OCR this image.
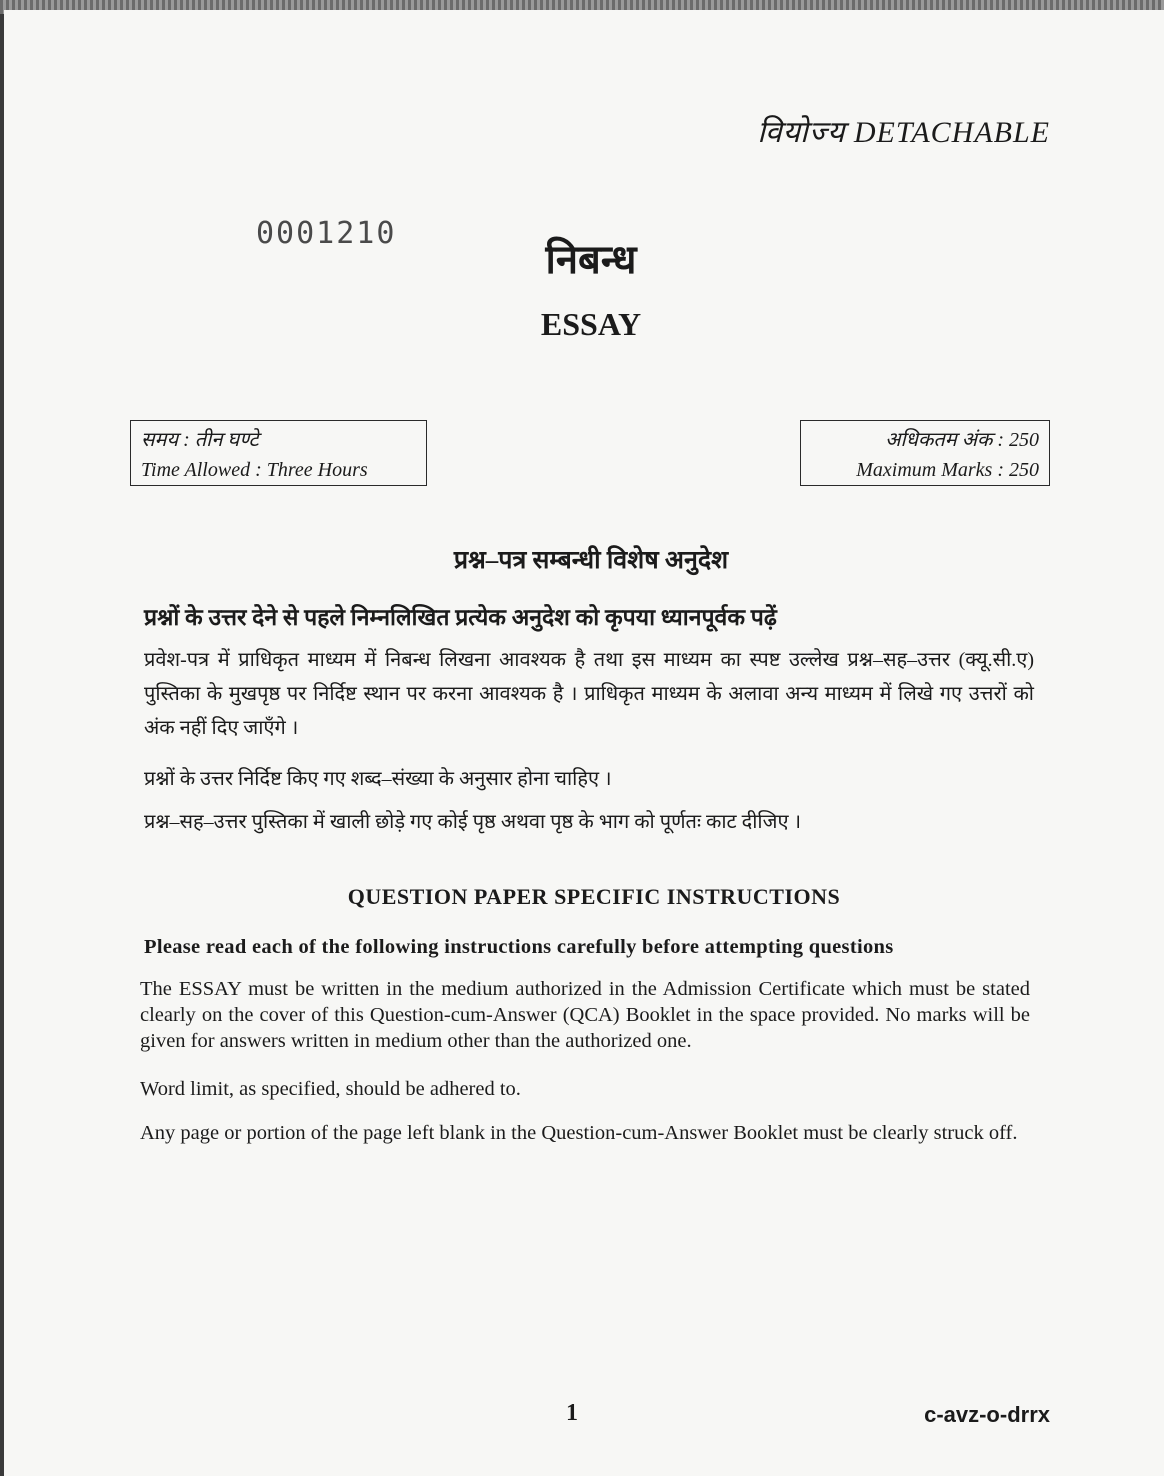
वियोज्य DETACHABLE
0001210
निबन्ध
ESSAY
समय : तीन घण्टे
Time Allowed : Three Hours
अधिकतम अंक : 250
Maximum Marks : 250
प्रश्न–पत्र सम्बन्धी विशेष अनुदेश
प्रश्नों के उत्तर देने से पहले निम्नलिखित प्रत्येक अनुदेश को कृपया ध्यानपूर्वक पढ़ें
प्रवेश-पत्र में प्राधिकृत माध्यम में निबन्ध लिखना आवश्यक है तथा इस माध्यम का स्पष्ट उल्लेख प्रश्न–सह–उत्तर (क्यू.सी.ए) पुस्तिका के मुखपृष्ठ पर निर्दिष्ट स्थान पर करना आवश्यक है । प्राधिकृत माध्यम के अलावा अन्य माध्यम में लिखे गए उत्तरों को अंक नहीं दिए जाएँगे ।
प्रश्नों के उत्तर निर्दिष्ट किए गए शब्द–संख्या के अनुसार होना चाहिए ।
प्रश्न–सह–उत्तर पुस्तिका में खाली छोड़े गए कोई पृष्ठ अथवा पृष्ठ के भाग को पूर्णतः काट दीजिए ।
QUESTION PAPER SPECIFIC INSTRUCTIONS
Please read each of the following instructions carefully before attempting questions
The ESSAY must be written in the medium authorized in the Admission Certificate which must be stated clearly on the cover of this Question-cum-Answer (QCA) Booklet in the space provided. No marks will be given for answers written in medium other than the authorized one.
Word limit, as specified, should be adhered to.
Any page or portion of the page left blank in the Question-cum-Answer Booklet must be clearly struck off.
1	c-avz-o-drrx
